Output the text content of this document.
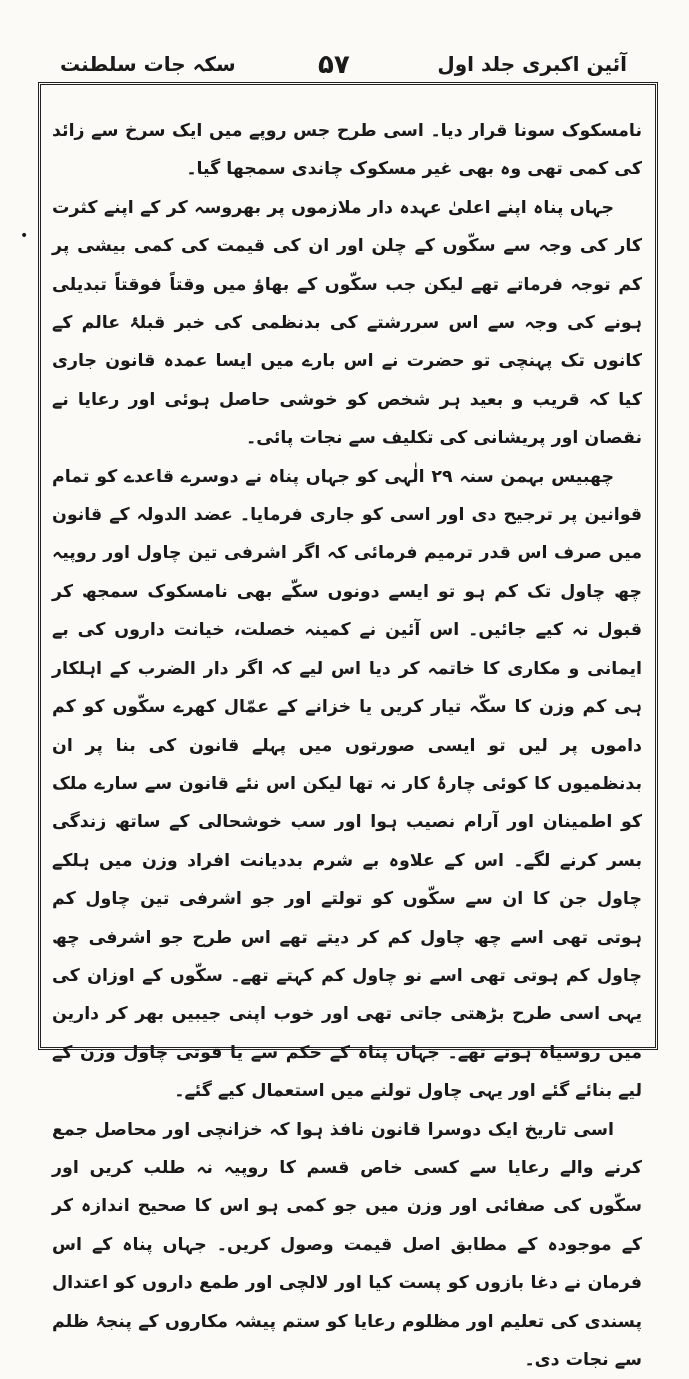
سکہ جات سلطنت	۵۷	آئین اکبری جلد اول
•

نامسکوک سونا قرار دیا۔ اسی طرح جس روپے میں ایک سرخ سے زائد کی کمی تھی وہ بھی غیر مسکوک چاندی سمجھا گیا۔

جہاں پناہ اپنے اعلیٰ عہدہ دار ملازموں پر بھروسہ کر کے اپنے کثرت کار کی وجہ سے سکّوں کے چلن اور ان کی قیمت کی کمی بیشی پر کم توجہ فرماتے تھے لیکن جب سکّوں کے بھاؤ میں وقتاً فوقتاً تبدیلی ہونے کی وجہ سے اس سررشتے کی بدنظمی کی خبر قبلۂ عالم کے کانوں تک پہنچی تو حضرت نے اس بارے میں ایسا عمدہ قانون جاری کیا کہ قریب و بعید ہر شخص کو خوشی حاصل ہوئی اور رعایا نے نقصان اور پریشانی کی تکلیف سے نجات پائی۔

چھبیس بہمن سنہ ۲۹ الٰہی کو جہاں پناہ نے دوسرے قاعدے کو تمام قوانین پر ترجیح دی اور اسی کو جاری فرمایا۔ عضد الدولہ کے قانون میں صرف اس قدر ترمیم فرمائی کہ اگر اشرفی تین چاول اور روپیہ چھ چاول تک کم ہو تو ایسے دونوں سکّے بھی نامسکوک سمجھ کر قبول نہ کیے جائیں۔ اس آئین نے کمینہ خصلت، خیانت داروں کی بے ایمانی و مکاری کا خاتمہ کر دیا اس لیے کہ اگر دار الضرب کے اہلکار ہی کم وزن کا سکّہ تیار کریں یا خزانے کے عمّال کھرے سکّوں کو کم داموں پر لیں تو ایسی صورتوں میں پہلے قانون کی بنا پر ان بدنظمیوں کا کوئی چارۂ کار نہ تھا لیکن اس نئے قانون سے سارے ملک کو اطمینان اور آرام نصیب ہوا اور سب خوشحالی کے ساتھ زندگی بسر کرنے لگے۔ اس کے علاوہ بے شرم بددیانت افراد وزن میں ہلکے چاول جن کا ان سے سکّوں کو تولتے اور جو اشرفی تین چاول کم ہوتی تھی اسے چھ چاول کم کر دیتے تھے اس طرح جو اشرفی چھ چاول کم ہوتی تھی اسے نو چاول کم کہتے تھے۔ سکّوں کے اوزان کی یہی اسی طرح بڑھتی جاتی تھی اور خوب اپنی جیبیں بھر کر دارین میں روسیاہ ہوتے تھے۔ جہاں پناہ کے حکم سے یا قوتی چاول وزن کے لیے بنائے گئے اور یہی چاول تولنے میں استعمال کیے گئے۔

اسی تاریخ ایک دوسرا قانون نافذ ہوا کہ خزانچی اور محاصل جمع کرنے والے رعایا سے کسی خاص قسم کا روپیہ نہ طلب کریں اور سکّوں کی صفائی اور وزن میں جو کمی ہو اس کا صحیح اندازہ کر کے موجودہ کے مطابق اصل قیمت وصول کریں۔ جہاں پناہ کے اس فرمان نے دغا بازوں کو پست کیا اور لالچی اور طمع داروں کو اعتدال پسندی کی تعلیم اور مظلوم رعایا کو ستم پیشہ مکاروں کے پنجۂ ظلم سے نجات دی۔
